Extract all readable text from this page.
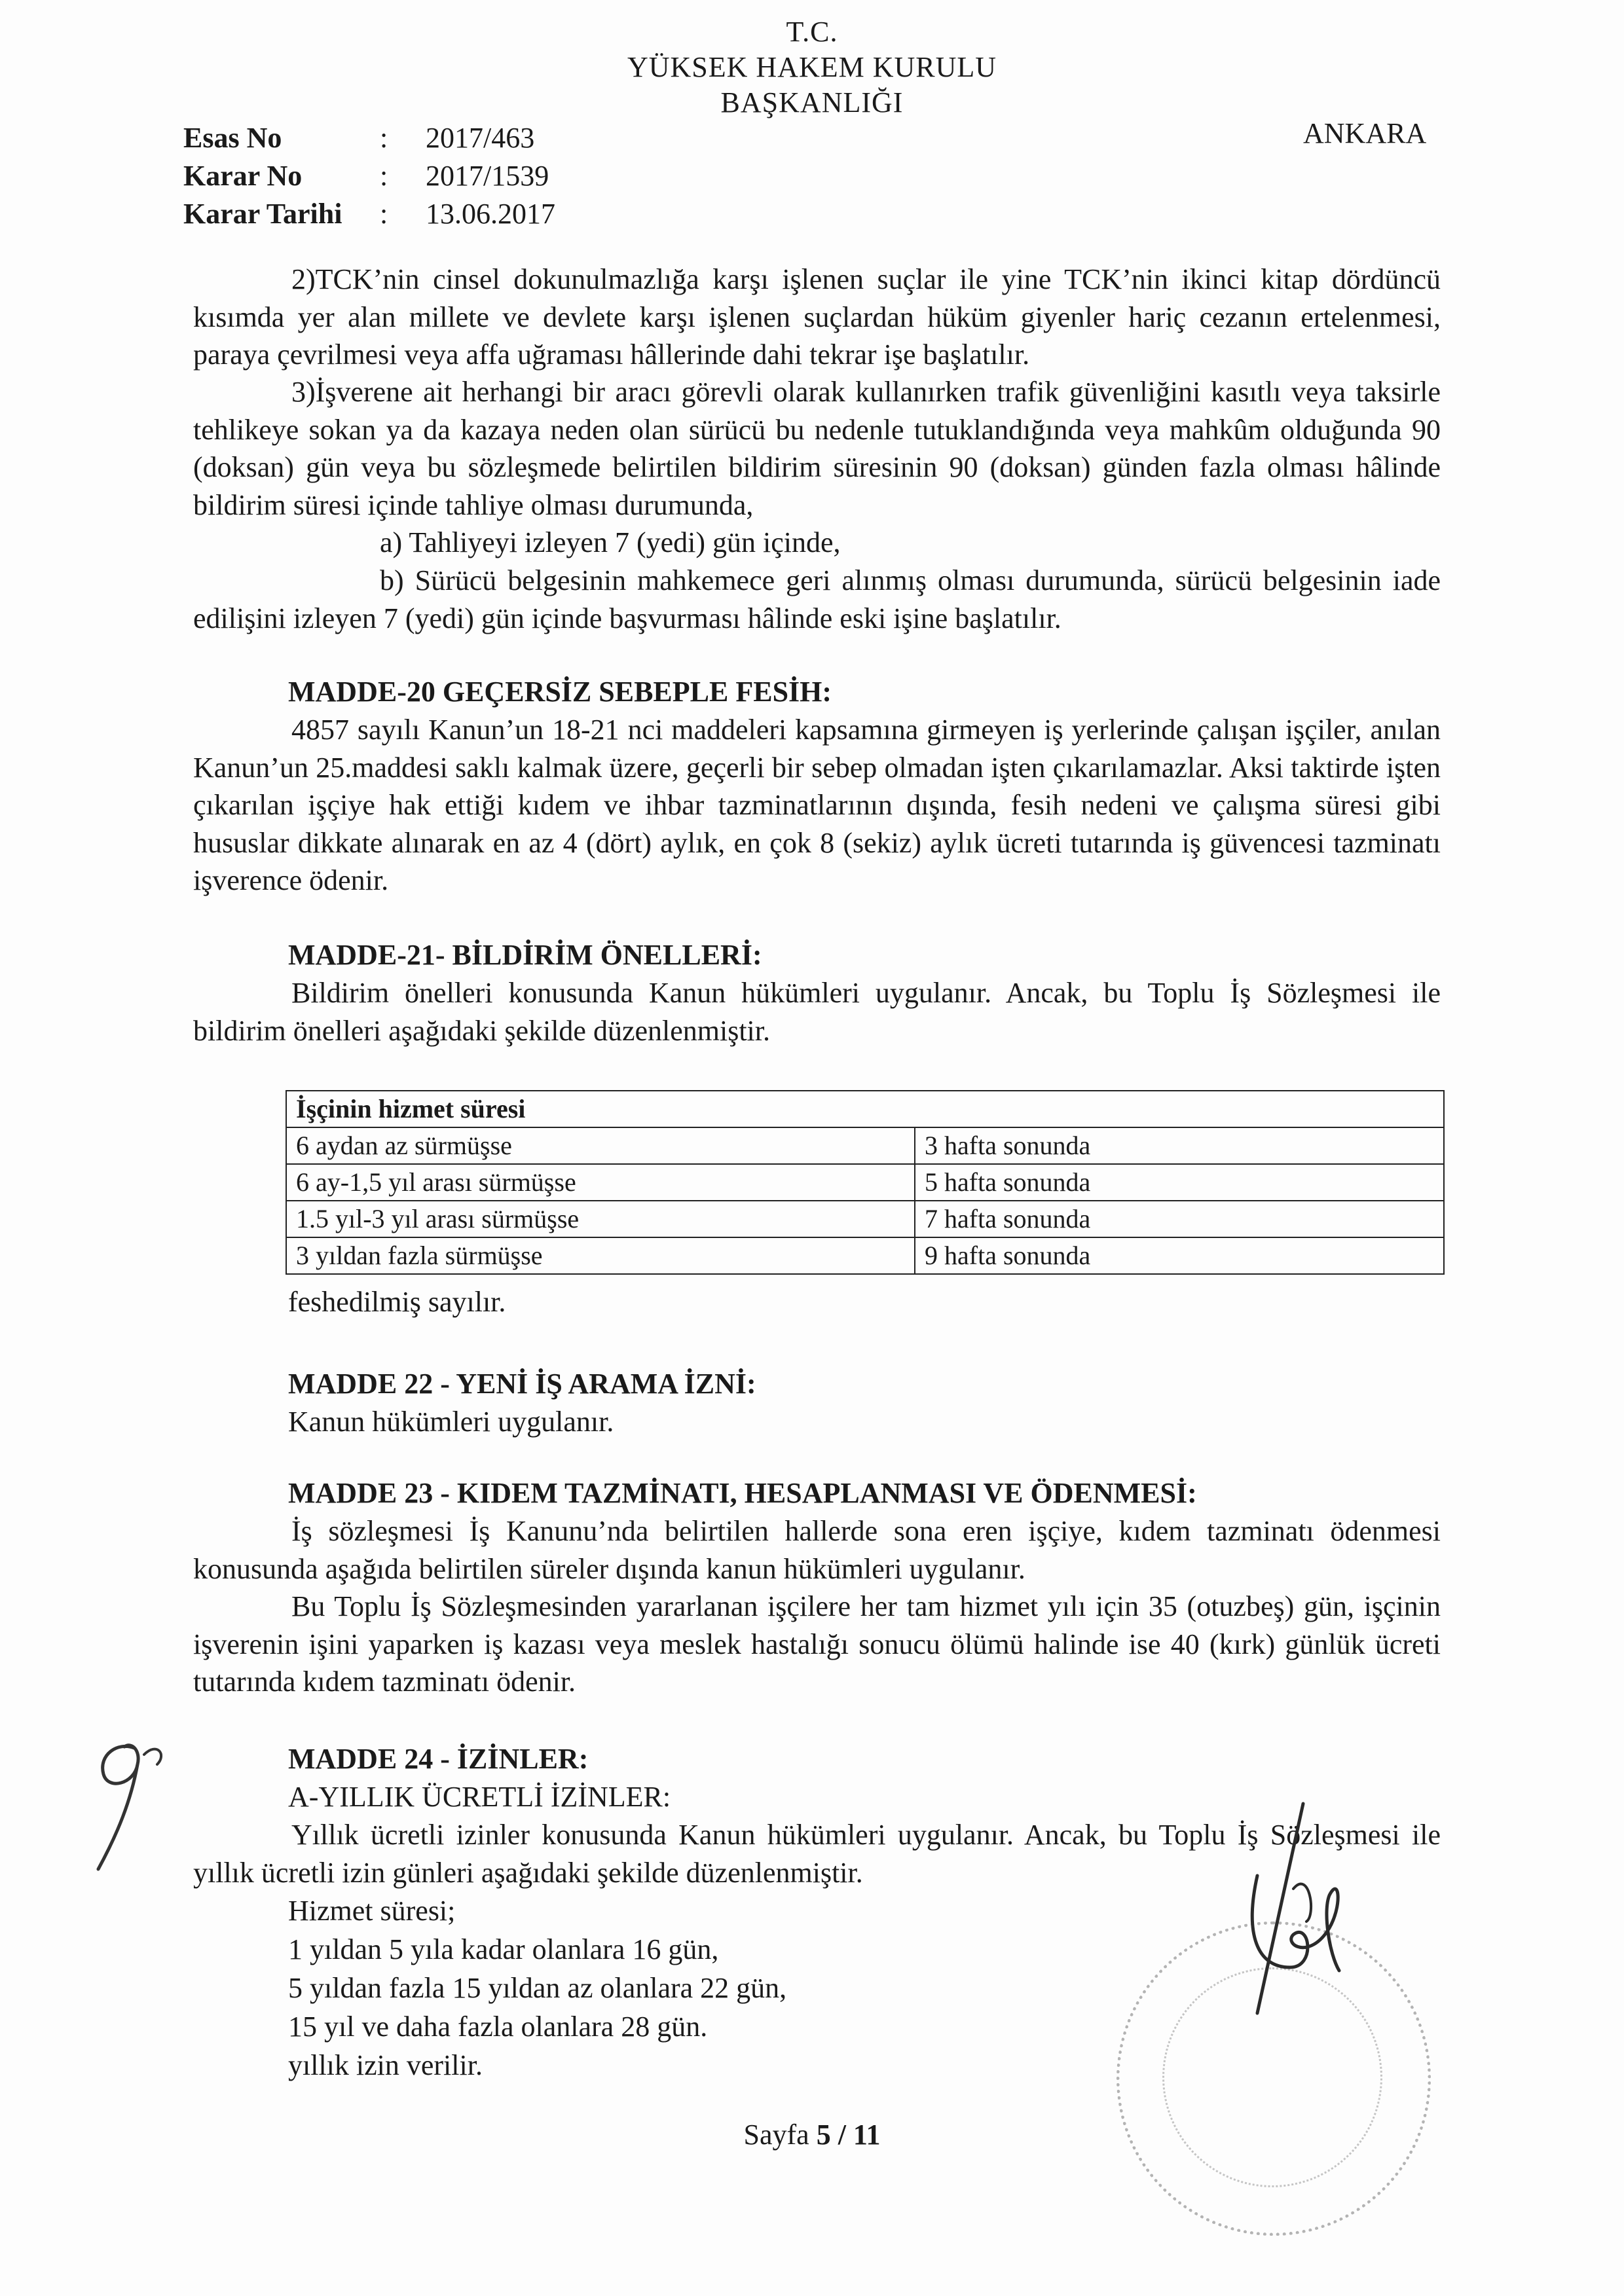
T.C.
YÜKSEK HAKEM KURULU
BAŞKANLIĞI
ANKARA
Esas No	: 2017/463
Karar No	: 2017/1539
Karar Tarihi : 13.06.2017
2)TCK’nin cinsel dokunulmazlığa karşı işlenen suçlar ile yine TCK’nin ikinci kitap dördüncü kısımda yer alan millete ve devlete karşı işlenen suçlardan hüküm giyenler hariç cezanın ertelenmesi, paraya çevrilmesi veya affa uğraması hâllerinde dahi tekrar işe başlatılır.
3)İşverene ait herhangi bir aracı görevli olarak kullanırken trafik güvenliğini kasıtlı veya taksirle tehlikeye sokan ya da kazaya neden olan sürücü bu nedenle tutuklandığında veya mahkûm olduğunda 90 (doksan) gün veya bu sözleşmede belirtilen bildirim süresinin 90 (doksan) günden fazla olması hâlinde bildirim süresi içinde tahliye olması durumunda,
a) Tahliyeyi izleyen 7 (yedi) gün içinde,
b) Sürücü belgesinin mahkemece geri alınmış olması durumunda, sürücü belgesinin iade edilişini izleyen 7 (yedi) gün içinde başvurması hâlinde eski işine başlatılır.
MADDE-20 GEÇERSİZ SEBEPLE FESİH:
4857 sayılı Kanun’un 18-21 nci maddeleri kapsamına girmeyen iş yerlerinde çalışan işçiler, anılan Kanun’un 25.maddesi saklı kalmak üzere, geçerli bir sebep olmadan işten çıkarılamazlar. Aksi taktirde işten çıkarılan işçiye hak ettiği kıdem ve ihbar tazminatlarının dışında, fesih nedeni ve çalışma süresi gibi hususlar dikkate alınarak en az 4 (dört) aylık, en çok 8 (sekiz) aylık ücreti tutarında iş güvencesi tazminatı işverence ödenir.
MADDE-21- BİLDİRİM ÖNELLERİ:
Bildirim önelleri konusunda Kanun hükümleri uygulanır. Ancak, bu Toplu İş Sözleşmesi ile bildirim önelleri aşağıdaki şekilde düzenlenmiştir.
İşçinin hizmet süresi	
6 aydan az sürmüşse	3 hafta sonunda
6 ay-1,5 yıl arası sürmüşse	5 hafta sonunda
1.5 yıl-3 yıl arası sürmüşse	7 hafta sonunda
3 yıldan fazla sürmüşse	9 hafta sonunda
feshedilmiş sayılır.
MADDE 22 - YENİ İŞ ARAMA İZNİ:
Kanun hükümleri uygulanır.
MADDE 23 - KIDEM TAZMİNATI, HESAPLANMASI VE ÖDENMESİ:
İş sözleşmesi İş Kanunu’nda belirtilen hallerde sona eren işçiye, kıdem tazminatı ödenmesi konusunda aşağıda belirtilen süreler dışında kanun hükümleri uygulanır.
Bu Toplu İş Sözleşmesinden yararlanan işçilere her tam hizmet yılı için 35 (otuzbeş) gün, işçinin işverenin işini yaparken iş kazası veya meslek hastalığı sonucu ölümü halinde ise 40 (kırk) günlük ücreti tutarında kıdem tazminatı ödenir.
MADDE 24 - İZİNLER:
A-YILLIK ÜCRETLİ İZİNLER:
Yıllık ücretli izinler konusunda Kanun hükümleri uygulanır. Ancak, bu Toplu İş Sözleşmesi ile yıllık ücretli izin günleri aşağıdaki şekilde düzenlenmiştir.
Hizmet süresi;
1 yıldan 5 yıla kadar olanlara 16 gün,
5 yıldan fazla 15 yıldan az olanlara 22 gün,
15 yıl ve daha fazla olanlara 28 gün.
yıllık izin verilir.
Sayfa 5 / 11
